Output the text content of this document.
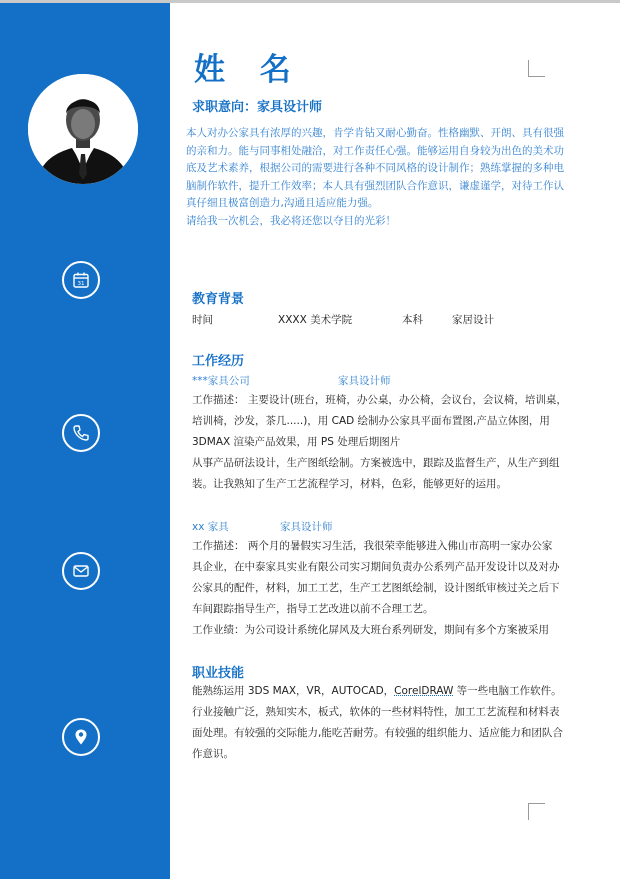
31
姓 名
求职意向：家具设计师

本人对办公家具有浓厚的兴趣，肯学肯钻又耐心勤奋。性格幽默、开朗、具有很强

的亲和力。能与同事相处融洽，对工作责任心强。能够运用自身较为出色的美术功

底及艺术素养，根据公司的需要进行各种不同风格的设计制作；熟练掌握的多种电

脑制作软件，提升工作效率；本人具有强烈团队合作意识，谦虚谨学，对待工作认

真仔细且极富创造力,沟通且适应能力强。

请给我一次机会，我必将还您以夺目的光彩！

教育背景
时间	XXXX 美术学院	本科	家居设计
工作经历
***家具公司	家具设计师

工作描述： 主要设计(班台，班椅，办公桌，办公椅，会议台，会议椅，培训桌，

培训椅，沙发，茶几.....)，用 CAD 绘制办公家具平面布置图,产品立体图，用

3DMAX 渲染产品效果，用 PS 处理后期图片

从事产品研法设计，生产图纸绘制。方案被选中，跟踪及监督生产，从生产到组

装。让我熟知了生产工艺流程学习，材料，色彩，能够更好的运用。

xx 家具	家具设计师

工作描述： 两个月的暑假实习生活，我很荣幸能够进入佛山市高明一家办公家

具企业，在中泰家具实业有限公司实习期间负责办公系列产品开发设计以及对办

公家具的配件，材料，加工工艺，生产工艺图纸绘制，设计图纸审核过关之后下

车间跟踪指导生产，指导工艺改进以前不合理工艺。

工作业绩：为公司设计系统化屏风及大班台系列研发，期间有多个方案被采用

职业技能

能熟练运用 3DS MAX，VR，AUTOCAD，CorelDRAW 等一些电脑工作软件。

行业接触广泛，熟知实木，板式，软体的一些材料特性，加工工艺流程和材料表

面处理。有较强的交际能力,能吃苦耐劳。有较强的组织能力、适应能力和团队合

作意识。
